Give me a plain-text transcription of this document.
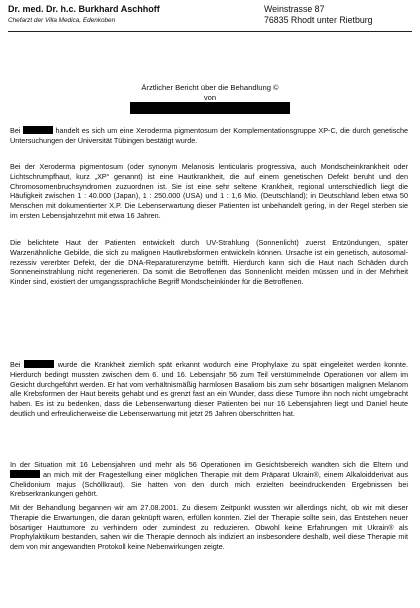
Dr. med. Dr. h.c. Burkhard Aschhoff
Chefarzt der Villa Medica, Edenkoben
Weinstrasse 87
76835 Rhodt unter Rietburg
Ärztlicher Bericht über die Behandlung ©
von

Bei	handelt es sich um eine Xeroderma pigmentosum der Komplementationsgruppe XP-C, die durch genetische Untersuchungen der Universität Tübingen bestätigt wurde.

Bei der Xeroderma pigmentosum (oder synonym Melanosis lenticularis progressiva, auch Mondscheinkrankheit oder Lichtschrumpfhaut, kurz „XP“ genannt) ist eine Hautkrankheit, die auf einem genetischen Defekt beruht und den Chromosomenbruchsyndromen zuzuordnen ist. Sie ist eine sehr seltene Krankheit, regional unterschiedlich liegt die Häufigkeit zwischen 1 : 40.000 (Japan), 1 : 250.000 (USA) und 1 : 1,6 Mio. (Deutschland); in Deutschland leben etwa 50 Menschen mit dokumentierter X.P. Die Lebenserwartung dieser Patienten ist unbehandelt gering, in der Regel sterben sie im ersten Lebensjahrzehnt mit etwa 16 Jahren.

Die belichtete Haut der Patienten entwickelt durch UV-Strahlung (Sonnenlicht) zuerst Entzündungen, später Warzenähnliche Gebilde, die sich zu malignen Hautkrebsformen entwickeln können. Ursache ist ein genetisch, autosomal-rezessiv vererbter Defekt, der die DNA-Reparaturenzyme betrifft. Hierdurch kann sich die Haut nach Schäden durch Sonneneinstrahlung nicht regenerieren. Da somit die Betroffenen das Sonnenlicht meiden müssen und in der Mehrheit Kinder sind, existiert der umgangssprachliche Begriff Mondscheinkinder für die Betroffenen.

Bei	wurde die Krankheit ziemlich spät erkannt wodurch eine Prophylaxe zu spät eingeleitet werden konnte. Hierdurch bedingt mussten zwischen dem 6. und 16. Lebensjahr 56 zum Teil verstümmelnde Operationen vor allem im Gesicht durchgeführt werden. Er hat vom verhältnismäßig harmlosen Basaliom bis zum sehr bösartigen malignen Melanom alle Krebsformen der Haut bereits gehabt und es grenzt fast an ein Wunder, dass diese Tumore ihn noch nicht umgebracht haben. Es ist zu bedenken, dass die Lebenserwartung dieser Patienten bei nur 16 Lebensjahren liegt und Daniel heute deutlich und erfreulicherweise die Lebenserwartung mit jetzt 25 Jahren überschritten hat.

In der Situation mit 16 Lebensjahren und mehr als 56 Operationen im Gesichtsbereich wandten sich die Eltern und  an mich mit der Fragestellung einer möglichen Therapie mit dem Präparat Ukrain®, einem Alkaloidderivat aus Chelidonium majus (Schöllkraut). Sie hatten von den durch mich erzielten beeindruckenden Ergebnissen bei Krebserkrankungen gehört.

Mit der Behandlung begannen wir am 27.08.2001. Zu diesem Zeitpunkt wussten wir allerdings nicht, ob wir mit dieser Therapie die Erwartungen, die daran geknüpft waren, erfüllen konnten. Ziel der Therapie sollte sein, das Entstehen neuer bösartiger Hauttumore zu verhindern oder zumindest zu reduzieren. Obwohl keine Erfahrungen mit Ukrain® als Prophylaktikum bestanden, sahen wir die Therapie dennoch als indiziert an insbesondere deshalb, weil diese Therapie mit dem von mir angewandten Protokoll keine Nebenwirkungen zeigte.
